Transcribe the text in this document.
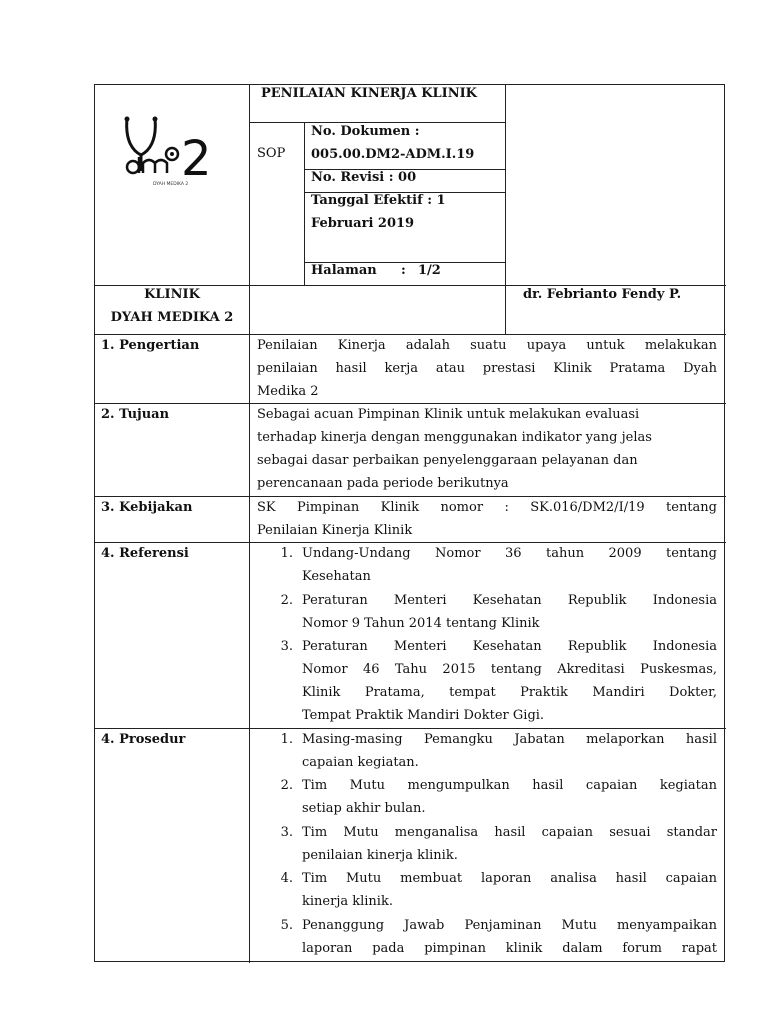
2
DYAH MEDIKA 2
PENILAIAN KINERJA KLINIK
SOP
No. Dokumen :
005.00.DM2-ADM.I.19
No. Revisi : 00
Tanggal Efektif : 1
Februari 2019
Halaman : 1/2
KLINIK
DYAH MEDIKA 2
dr. Febrianto Fendy P.
1. Pengertian
2. Tujuan
3. Kebijakan
4. Referensi
4. Prosedur
Penilaian Kinerja adalah suatu upaya untuk melakukan
penilaian hasil kerja atau prestasi Klinik Pratama Dyah
Medika 2
Sebagai acuan Pimpinan Klinik untuk melakukan evaluasi
terhadap kinerja dengan menggunakan indikator yang jelas
sebagai dasar perbaikan penyelenggaraan pelayanan dan
perencanaan pada periode berikutnya
SK Pimpinan Klinik nomor : SK.016/DM2/I/19 tentang
Penilaian Kinerja Klinik
1. Undang-Undang Nomor 36 tahun 2009 tentang
Kesehatan
2. Peraturan Menteri Kesehatan Republik Indonesia
Nomor 9 Tahun 2014 tentang Klinik
3. Peraturan Menteri Kesehatan Republik Indonesia
Nomor 46 Tahu 2015 tentang Akreditasi Puskesmas,
Klinik Pratama, tempat Praktik Mandiri Dokter,
Tempat Praktik Mandiri Dokter Gigi.
1. Masing-masing Pemangku Jabatan melaporkan hasil
capaian kegiatan.
2. Tim Mutu mengumpulkan hasil capaian kegiatan
setiap akhir bulan.
3. Tim Mutu menganalisa hasil capaian sesuai standar
penilaian kinerja klinik.
4. Tim Mutu membuat laporan analisa hasil capaian
kinerja klinik.
5. Penanggung Jawab Penjaminan Mutu menyampaikan
laporan pada pimpinan klinik dalam forum rapat
